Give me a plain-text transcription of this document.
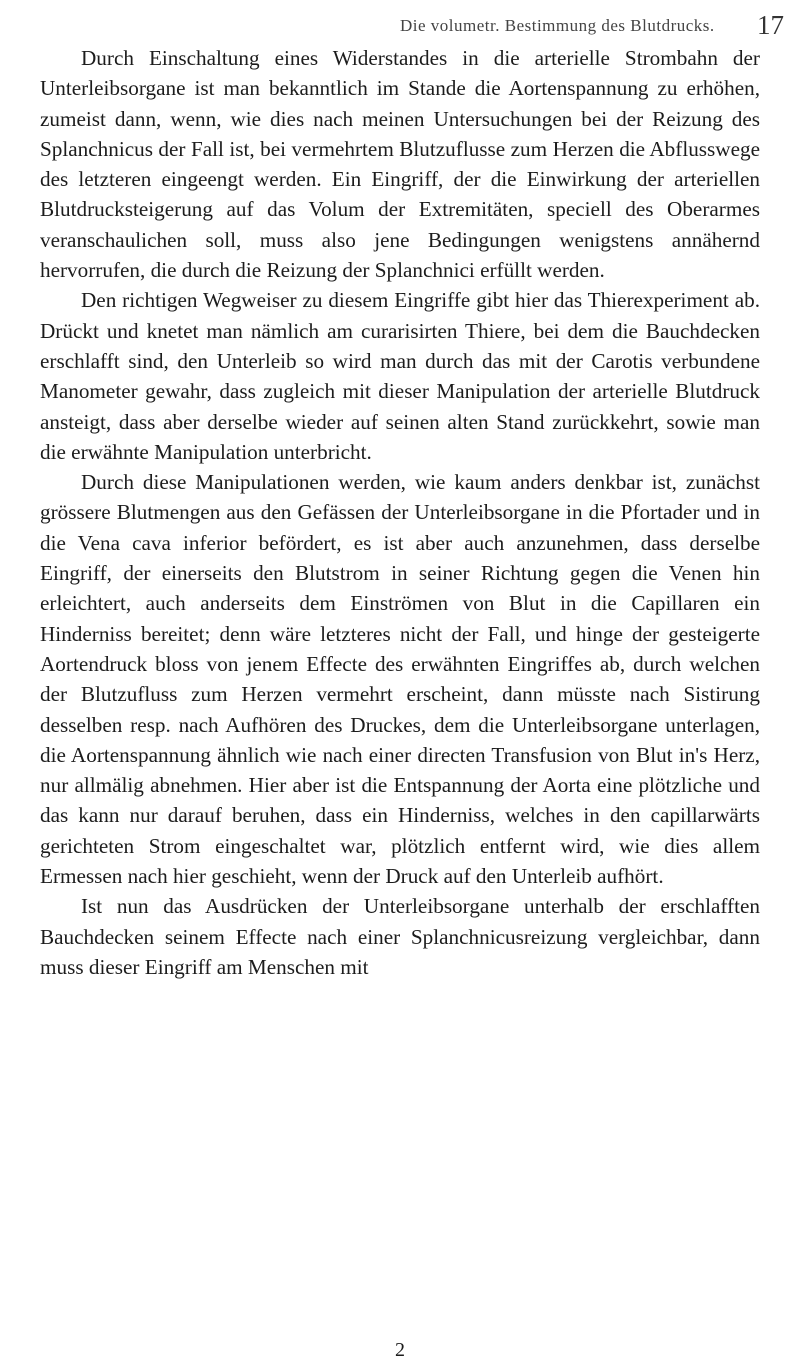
Die volumetr. Bestimmung des Blutdrucks. 17

Durch Einschaltung eines Widerstandes in die arterielle Strombahn der Unterleibsorgane ist man bekanntlich im Stande die Aortenspannung zu erhöhen, zumeist dann, wenn, wie dies nach meinen Untersuchungen bei der Reizung des Splanchnicus der Fall ist, bei vermehrtem Blutzuflusse zum Herzen die Abflusswege des letzteren eingeengt werden. Ein Eingriff, der die Einwirkung der arteriellen Blutdrucksteigerung auf das Volum der Extremitäten, speciell des Oberarmes veranschaulichen soll, muss also jene Bedingungen wenigstens annähernd hervorrufen, die durch die Reizung der Splanchnici erfüllt werden.

Den richtigen Wegweiser zu diesem Eingriffe gibt hier das Thierexperiment ab. Drückt und knetet man nämlich am curarisirten Thiere, bei dem die Bauchdecken erschlafft sind, den Unterleib so wird man durch das mit der Carotis verbundene Manometer gewahr, dass zugleich mit dieser Manipulation der arterielle Blutdruck ansteigt, dass aber derselbe wieder auf seinen alten Stand zurückkehrt, sowie man die erwähnte Manipulation unterbricht.

Durch diese Manipulationen werden, wie kaum anders denkbar ist, zunächst grössere Blutmengen aus den Gefässen der Unterleibsorgane in die Pfortader und in die Vena cava inferior befördert, es ist aber auch anzunehmen, dass derselbe Eingriff, der einerseits den Blutstrom in seiner Richtung gegen die Venen hin erleichtert, auch anderseits dem Einströmen von Blut in die Capillaren ein Hinderniss bereitet; denn wäre letzteres nicht der Fall, und hinge der gesteigerte Aortendruck bloss von jenem Effecte des erwähnten Eingriffes ab, durch welchen der Blutzufluss zum Herzen vermehrt erscheint, dann müsste nach Sistirung desselben resp. nach Aufhören des Druckes, dem die Unterleibsorgane unterlagen, die Aortenspannung ähnlich wie nach einer directen Transfusion von Blut in's Herz, nur allmälig abnehmen. Hier aber ist die Entspannung der Aorta eine plötzliche und das kann nur darauf beruhen, dass ein Hinderniss, welches in den capillarwärts gerichteten Strom eingeschaltet war, plötzlich entfernt wird, wie dies allem Ermessen nach hier geschieht, wenn der Druck auf den Unterleib aufhört.

Ist nun das Ausdrücken der Unterleibsorgane unterhalb der erschlafften Bauchdecken seinem Effecte nach einer Splanchnicusreizung vergleichbar, dann muss dieser Eingriff am Menschen mit

2
